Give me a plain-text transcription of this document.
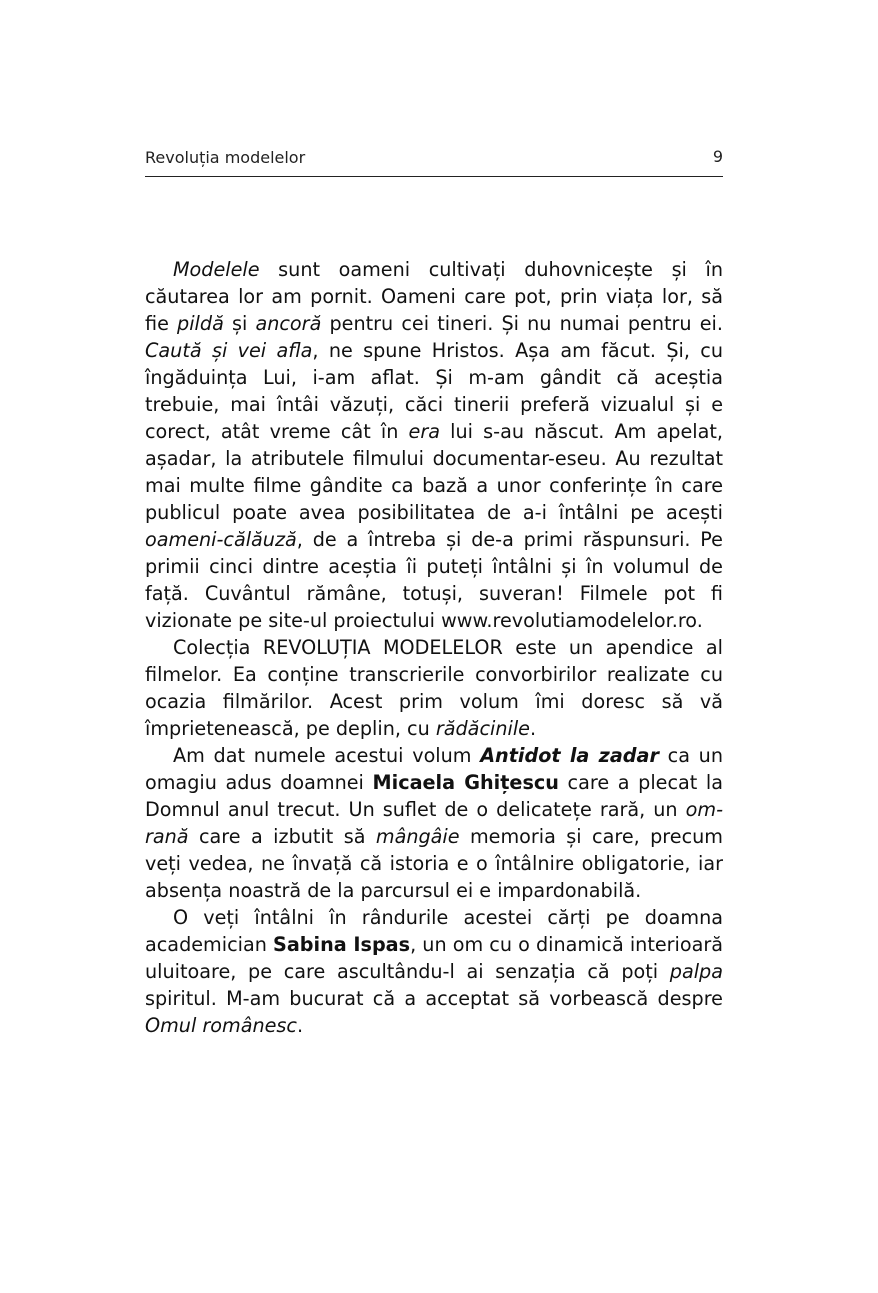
Revoluția modelelor	9

Modelele sunt oameni cultivați duhovnicește și în căutarea lor am pornit. Oameni care pot, prin viața lor, să fie pildă și ancoră pentru cei tineri. Și nu numai pentru ei. Caută și vei afla, ne spune Hristos. Așa am făcut. Și, cu îngăduința Lui, i-am aflat. Și m-am gândit că aceștia trebuie, mai întâi văzuți, căci tinerii preferă vizualul și e corect, atât vreme cât în era lui s-au născut. Am apelat, așadar, la atributele filmului documentar-eseu. Au rezultat mai multe filme gândite ca bază a unor conferințe în care publicul poate avea posibilitatea de a-i întâlni pe acești oameni-călăuză, de a întreba și de-a primi răspunsuri. Pe primii cinci dintre aceștia îi puteți întâlni și în volumul de față. Cuvântul rămâne, totuși, suveran! Filmele pot fi vizionate pe site-ul proiectului www.revolutiamodelelor.ro.

Colecția REVOLUȚIA MODELELOR este un apendice al filmelor. Ea conține transcrierile convorbirilor realizate cu ocazia filmărilor. Acest prim volum îmi doresc să vă împrietenească, pe deplin, cu rădăcinile.

Am dat numele acestui volum Antidot la zadar ca un omagiu adus doamnei Micaela Ghițescu care a plecat la Domnul anul trecut. Un suflet de o delicatețe rară, un om-rană care a izbutit să mângâie memoria și care, precum veți vedea, ne învață că istoria e o întâlnire obligatorie, iar absența noastră de la parcursul ei e impardonabilă.

O veți întâlni în rândurile acestei cărți pe doamna academician Sabina Ispas, un om cu o dinamică interioară uluitoare, pe care ascultându-l ai senzația că poți palpa spiritul. M-am bucurat că a acceptat să vorbească despre Omul românesc.
